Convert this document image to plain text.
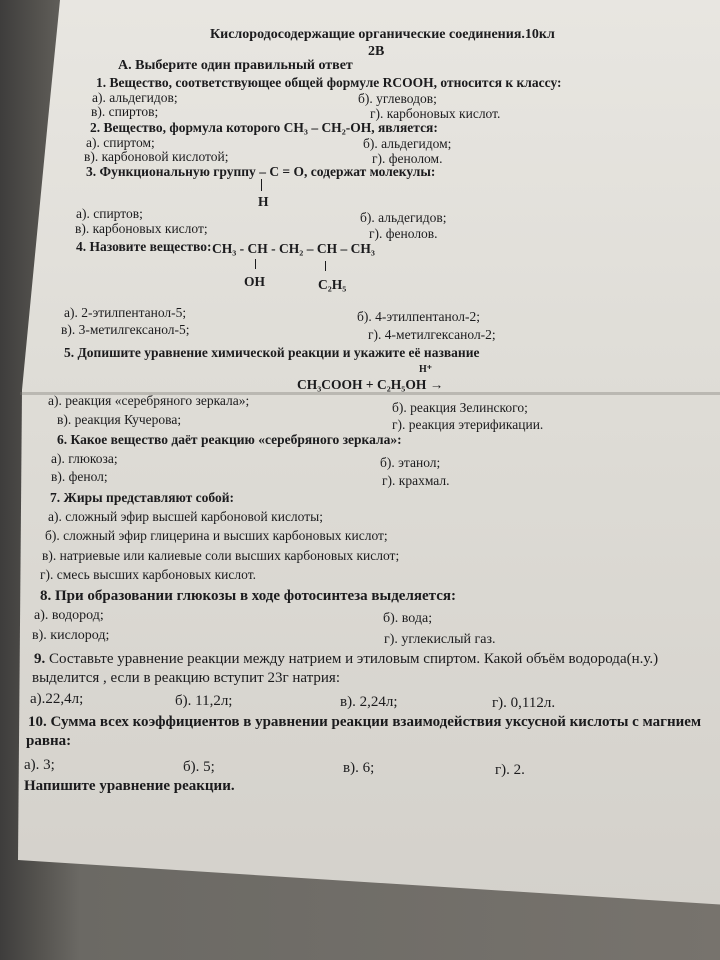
Кислородосодержащие органические соединения.10кл
2В
А. Выберите один правильный ответ
1. Вещество, соответствующее общей формуле RCOOH, относится к классу:
а). альдегидов;	б). углеводов;
в). спиртов;	г). карбоновых кислот.
2. Вещество, формула которого CH₃ – CH₂-OH, является:
а). спиртом;	б). альдегидом;
в). карбоновой кислотой;	г). фенолом.
3. Функциональную группу – C = O, содержат молекулы:
H
а). спиртов;	б). альдегидов;
в). карбоновых кислот;	г). фенолов.
4. Назовите вещество: CH₃ - CH - CH₂ – CH – CH₃
OH	C₂H₅
а). 2-этилпентанол-5;	б). 4-этилпентанол-2;
в). 3-метилгексанол-5;	г). 4-метилгексанол-2;
5. Допишите уравнение химической реакции и укажите её название
H⁺
CH₃COOH + C₂H₅OH →
а). реакция «серебряного зеркала»;	б). реакция Зелинского;
в). реакция Кучерова;	г). реакция этерификации.
6. Какое вещество даёт реакцию «серебряного зеркала»:
а). глюкоза;	б). этанол;
в). фенол;	г). крахмал.
7. Жиры представляют собой:
а). сложный эфир высшей карбоновой кислоты;
б). сложный эфир глицерина и высших карбоновых кислот;
в). натриевые или калиевые соли высших карбоновых кислот;
г). смесь высших карбоновых кислот.
8. При образовании глюкозы в ходе фотосинтеза выделяется:
а). водород;	б). вода;
в). кислород;	г). углекислый газ.
9. Составьте уравнение реакции между натрием и этиловым спиртом. Какой объём водорода(н.у.)
выделится , если в реакцию вступит 23г натрия:
а).22,4л;	б). 11,2л;	в). 2,24л;	г). 0,112л.
10. Сумма всех коэффициентов в уравнении реакции взаимодействия уксусной кислоты с магнием
равна:
а). 3;	б). 5;	в). 6;	г). 2.
Напишите уравнение реакции.
